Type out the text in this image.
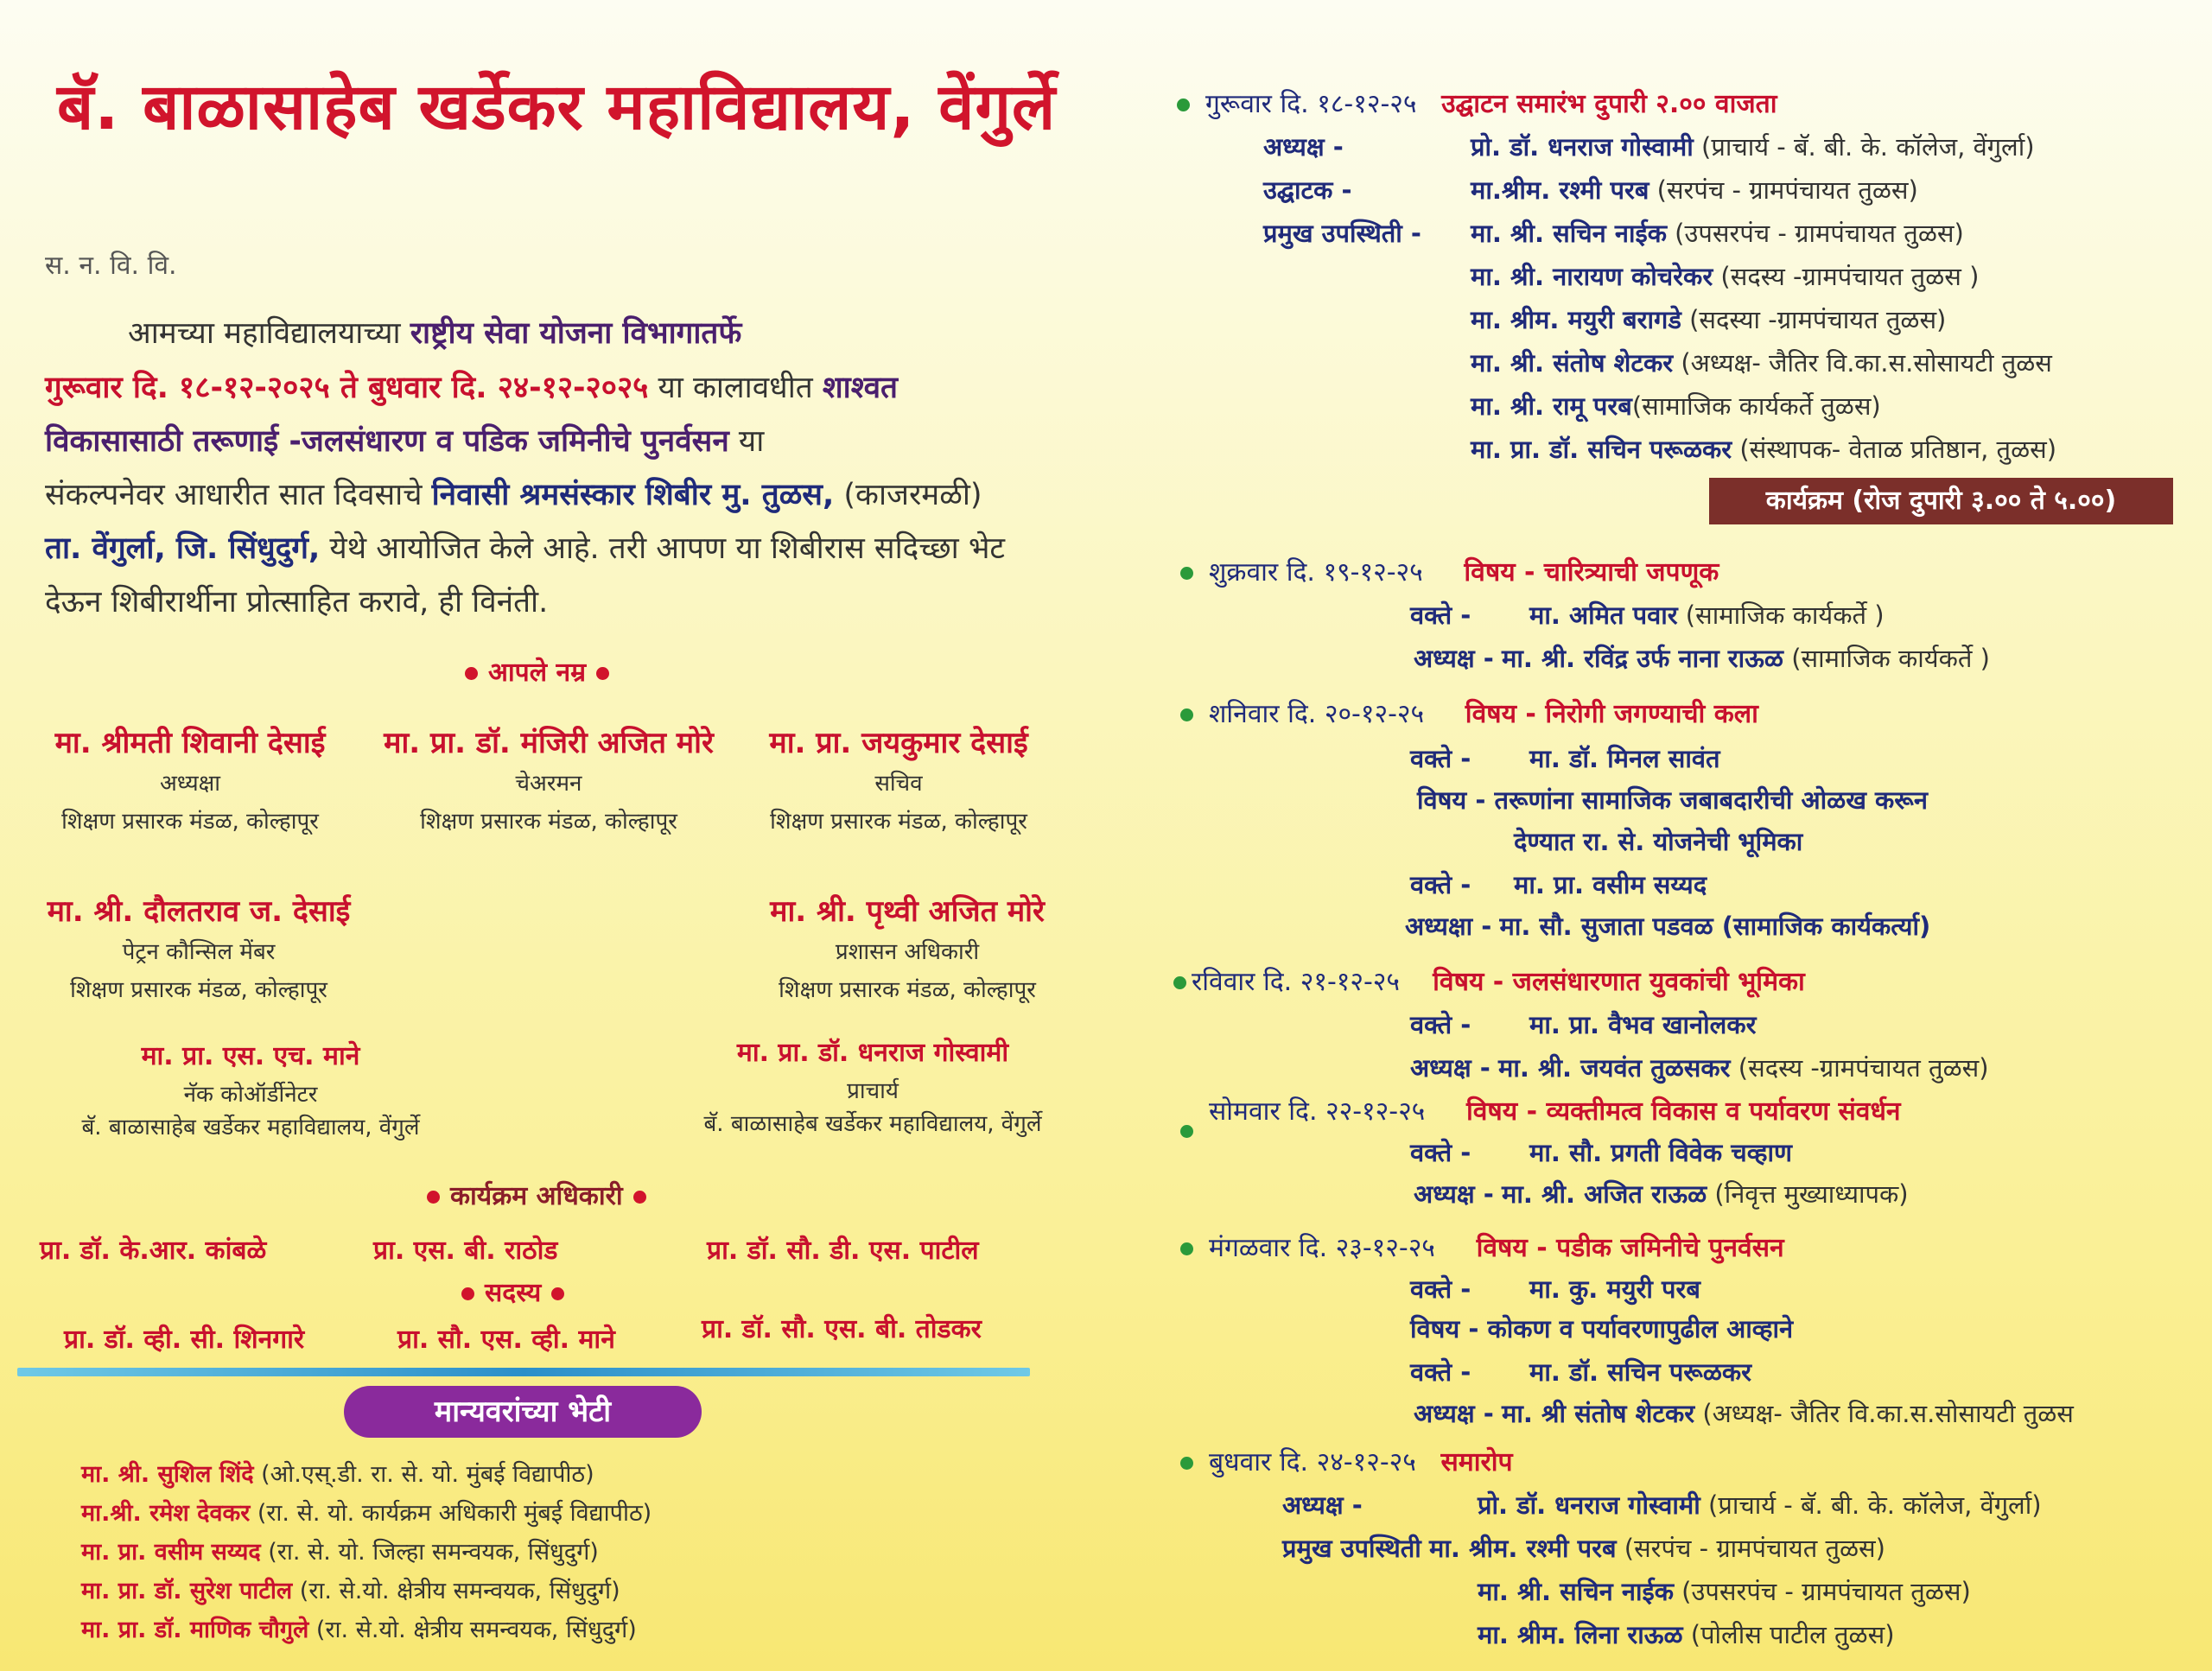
बॅ. बाळासाहेब खर्डेकर महाविद्यालय, वेंगुर्ले
स. न. वि. वि.
आमच्या महाविद्यालयाच्या राष्ट्रीय सेवा योजना विभागातर्फे
गुरूवार दि. १८-१२-२०२५ ते बुधवार दि. २४-१२-२०२५ या कालावधीत शाश्वत
विकासासाठी तरूणाई -जलसंधारण व पडिक जमिनीचे पुनर्वसन या
संकल्पनेवर आधारीत सात दिवसाचे निवासी श्रमसंस्कार शिबीर मु. तुळस, (काजरमळी)
ता. वेंगुर्ला, जि. सिंधुदुर्ग, येथे आयोजित केले आहे. तरी आपण या शिबीरास सदिच्छा भेट
देऊन शिबीरार्थीना प्रोत्साहित करावे, ही विनंती.
आपले नम्र
मा. श्रीमती शिवानी देसाई
अध्यक्षा
शिक्षण प्रसारक मंडळ, कोल्हापूर
मा. प्रा. डॉ. मंजिरी अजित मोरे
चेअरमन
शिक्षण प्रसारक मंडळ, कोल्हापूर
मा. प्रा. जयकुमार देसाई
सचिव
शिक्षण प्रसारक मंडळ, कोल्हापूर
मा. श्री. दौलतराव ज. देसाई
पेट्रन कौन्सिल मेंबर
शिक्षण प्रसारक मंडळ, कोल्हापूर
मा. श्री. पृथ्वी अजित मोरे
प्रशासन अधिकारी
शिक्षण प्रसारक मंडळ, कोल्हापूर
मा. प्रा. एस. एच. माने
नॅक कोऑर्डीनेटर
बॅ. बाळासाहेब खर्डेकर महाविद्यालय, वेंगुर्ले
मा. प्रा. डॉ. धनराज गोस्वामी
प्राचार्य
बॅ. बाळासाहेब खर्डेकर महाविद्यालय, वेंगुर्ले
कार्यक्रम अधिकारी
प्रा. डॉ. के.आर. कांबळे	प्रा. एस. बी. राठोड	प्रा. डॉ. सौ. डी. एस. पाटील
सदस्य
प्रा. डॉ. व्ही. सी. शिनगारे	प्रा. सौ. एस. व्ही. माने	प्रा. डॉ. सौ. एस. बी. तोडकर
मान्यवरांच्या भेटी
मा. श्री. सुशिल शिंदे (ओ.एस्.डी. रा. से. यो. मुंबई विद्यापीठ)
मा.श्री. रमेश देवकर (रा. से. यो. कार्यक्रम अधिकारी मुंबई विद्यापीठ)
मा. प्रा. वसीम सय्यद (रा. से. यो. जिल्हा समन्वयक, सिंधुदुर्ग)
मा. प्रा. डॉ. सुरेश पाटील (रा. से.यो. क्षेत्रीय समन्वयक, सिंधुदुर्ग)
मा. प्रा. डॉ. माणिक चौगुले (रा. से.यो. क्षेत्रीय समन्वयक, सिंधुदुर्ग)
गुरूवार दि. १८-१२-२५ उद्घाटन समारंभ दुपारी २.०० वाजता
अध्यक्ष -	प्रो. डॉ. धनराज गोस्वामी (प्राचार्य - बॅ. बी. के. कॉलेज, वेंगुर्ला)
उद्घाटक -	मा.श्रीम. रश्मी परब (सरपंच - ग्रामपंचायत तुळस)
प्रमुख उपस्थिती - मा. श्री. सचिन नाईक (उपसरपंच - ग्रामपंचायत तुळस)
मा. श्री. नारायण कोचरेकर (सदस्य -ग्रामपंचायत तुळस )
मा. श्रीम. मयुरी बरागडे (सदस्या -ग्रामपंचायत तुळस)
मा. श्री. संतोष शेटकर (अध्यक्ष- जैतिर वि.का.स.सोसायटी तुळस
मा. श्री. रामू परब(सामाजिक कार्यकर्ते तुळस)
मा. प्रा. डॉ. सचिन परूळकर (संस्थापक- वेताळ प्रतिष्ठान, तुळस)
कार्यक्रम (रोज दुपारी ३.०० ते ५.००)
शुक्रवार दि. १९-१२-२५ विषय - चारित्र्याची जपणूक
वक्ते - मा. अमित पवार (सामाजिक कार्यकर्ते )
अध्यक्ष - मा. श्री. रविंद्र उर्फ नाना राऊळ (सामाजिक कार्यकर्ते )
शनिवार दि. २०-१२-२५ विषय - निरोगी जगण्याची कला
वक्ते - मा. डॉ. मिनल सावंत
विषय - तरूणांना सामाजिक जबाबदारीची ओळख करून
देण्यात रा. से. योजनेची भूमिका
वक्ते - मा. प्रा. वसीम सय्यद
अध्यक्षा - मा. सौ. सुजाता पडवळ (सामाजिक कार्यकर्त्या)
रविवार दि. २१-१२-२५ विषय - जलसंधारणात युवकांची भूमिका
वक्ते - मा. प्रा. वैभव खानोलकर
अध्यक्ष - मा. श्री. जयवंत तुळसकर (सदस्य -ग्रामपंचायत तुळस)
सोमवार दि. २२-१२-२५ विषय - व्यक्तीमत्व विकास व पर्यावरण संवर्धन
वक्ते - मा. सौ. प्रगती विवेक चव्हाण
अध्यक्ष - मा. श्री. अजित राऊळ (निवृत्त मुख्याध्यापक)
मंगळवार दि. २३-१२-२५ विषय - पडीक जमिनीचे पुनर्वसन
वक्ते - मा. कु. मयुरी परब
विषय - कोकण व पर्यावरणापुढील आव्हाने
वक्ते - मा. डॉ. सचिन परूळकर
अध्यक्ष - मा. श्री संतोष शेटकर (अध्यक्ष- जैतिर वि.का.स.सोसायटी तुळस
बुधवार दि. २४-१२-२५ समारोप
अध्यक्ष -	प्रो. डॉ. धनराज गोस्वामी (प्राचार्य - बॅ. बी. के. कॉलेज, वेंगुर्ला)
प्रमुख उपस्थिती मा. श्रीम. रश्मी परब (सरपंच - ग्रामपंचायत तुळस)
मा. श्री. सचिन नाईक (उपसरपंच - ग्रामपंचायत तुळस)
मा. श्रीम. लिना राऊळ (पोलीस पाटील तुळस)
